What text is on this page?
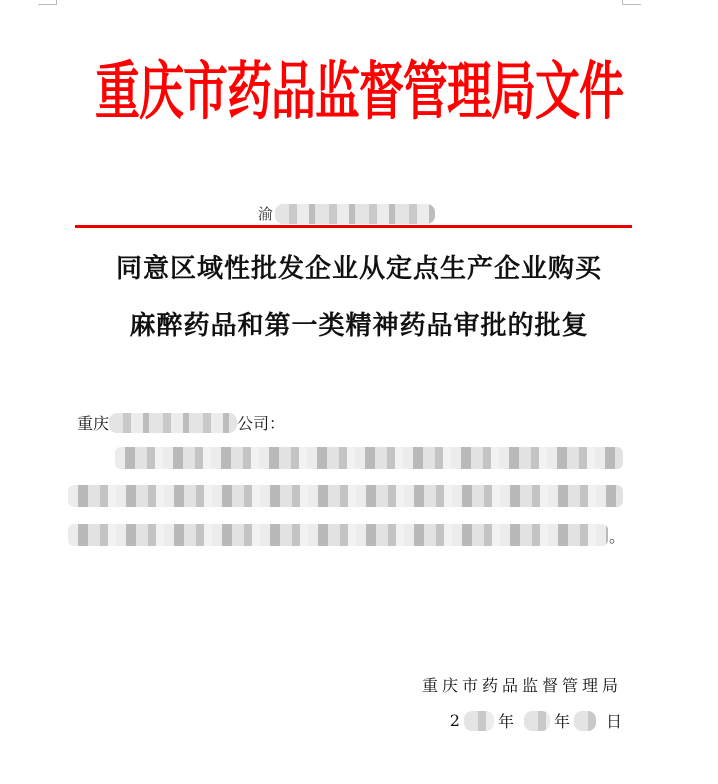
重庆市药品监督管理局文件
渝
同意区域性批发企业从定点生产企业购买
麻醉药品和第一类精神药品审批的批复
重庆	公司：
。
重庆市药品监督管理局
2 年	年 日
